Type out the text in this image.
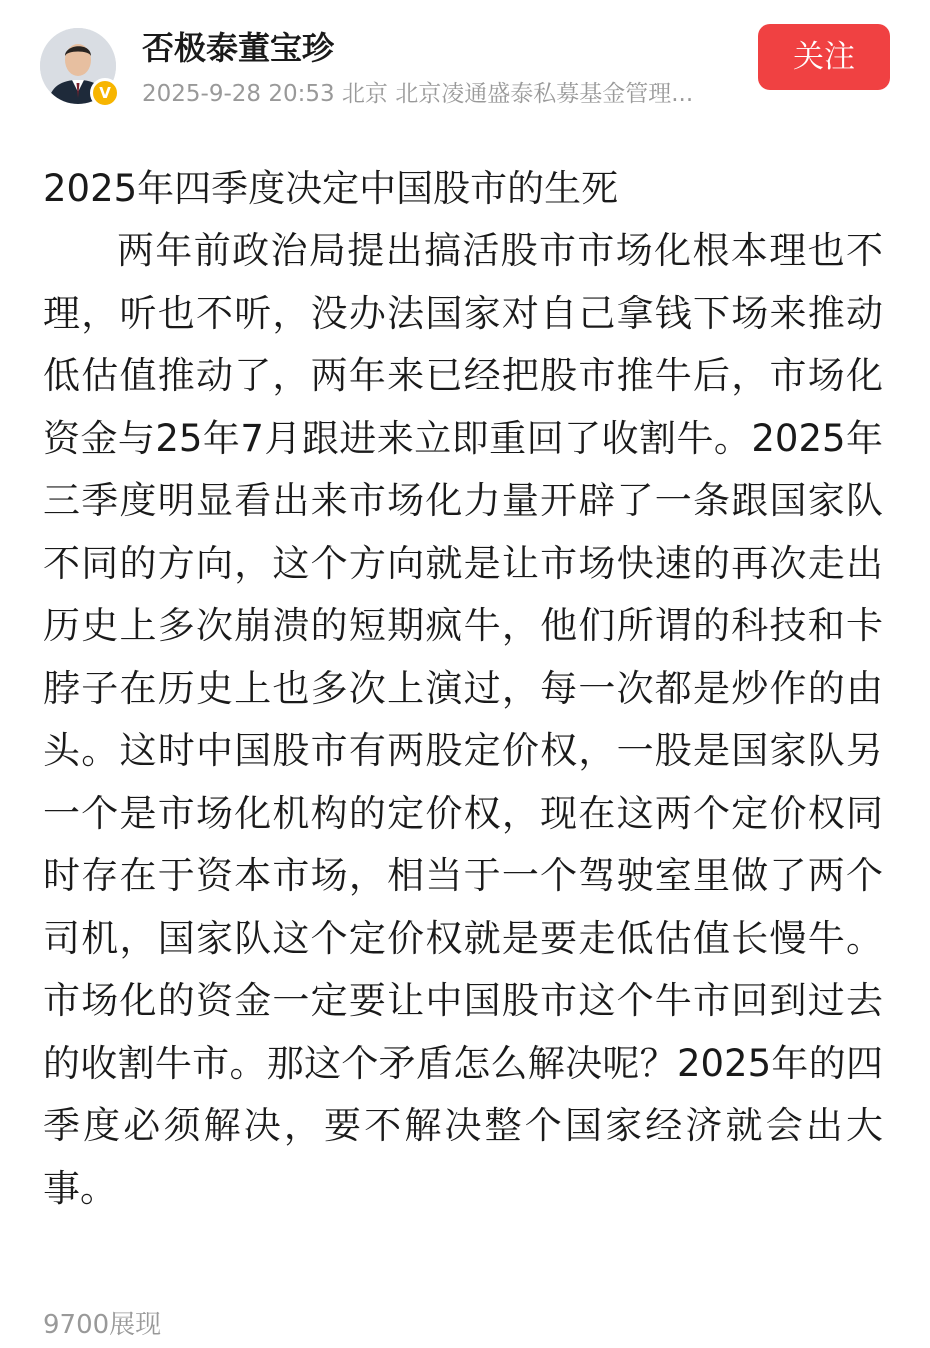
V
否极泰董宝珍
2025-9-28 20:53 北京 北京凌通盛泰私募基金管理...
关注
2025年四季度决定中国股市的生死
两年前政治局提出搞活股市市场化根本理也不理，听也不听，没办法国家对自己拿钱下场来推动低估值推动了，两年来已经把股市推牛后，市场化资金与25年7月跟进来立即重回了收割牛。2025年三季度明显看出来市场化力量开辟了一条跟国家队不同的方向，这个方向就是让市场快速的再次走出历史上多次崩溃的短期疯牛，他们所谓的科技和卡脖子在历史上也多次上演过，每一次都是炒作的由头。这时中国股市有两股定价权，一股是国家队另一个是市场化机构的定价权，现在这两个定价权同时存在于资本市场，相当于一个驾驶室里做了两个司机，国家队这个定价权就是要走低估值长慢牛。市场化的资金一定要让中国股市这个牛市回到过去的收割牛市。那这个矛盾怎么解决呢？2025年的四季度必须解决，要不解决整个国家经济就会出大事。
9700展现
